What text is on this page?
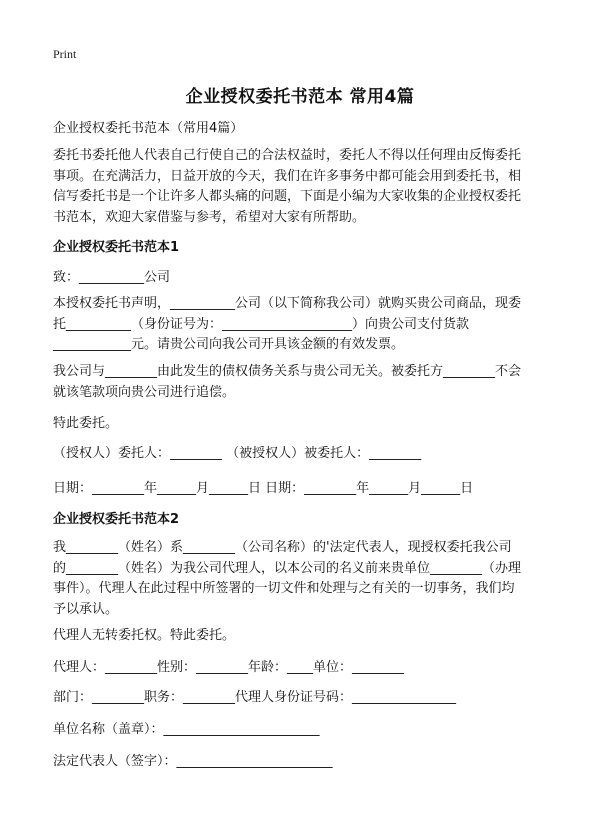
Print
企业授权委托书范本 常用4篇
企业授权委托书范本（常用4篇）
委托书委托他人代表自己行使自己的合法权益时，委托人不得以任何理由反悔委托
事项。在充满活力，日益开放的今天，我们在许多事务中都可能会用到委托书，相
信写委托书是一个让许多人都头痛的问题，下面是小编为大家收集的企业授权委托
书范本，欢迎大家借鉴与参考，希望对大家有所帮助。
企业授权委托书范本1
致：__________公司
本授权委托书声明，__________公司（以下简称我公司）就购买贵公司商品，现委
托__________（身份证号为：____________________）向贵公司支付货款
____________元。请贵公司向我公司开具该金额的有效发票。
我公司与________由此发生的债权债务关系与贵公司无关。被委托方________不会
就该笔款项向贵公司进行追偿。
特此委托。
（授权人）委托人：________ （被授权人）被委托人：________
日期：________年______月______日 日期：________年______月______日
企业授权委托书范本2
我________（姓名）系________（公司名称）的'法定代表人，现授权委托我公司
的________（姓名）为我公司代理人，以本公司的名义前来贵单位________（办理
事件）。代理人在此过程中所签署的一切文件和处理与之有关的一切事务，我们均
予以承认。
代理人无转委托权。特此委托。
代理人：________性别：________年龄：____单位：________
部门：________职务：________代理人身份证号码：________________
单位名称（盖章）：________________________
法定代表人（签字）：________________________
